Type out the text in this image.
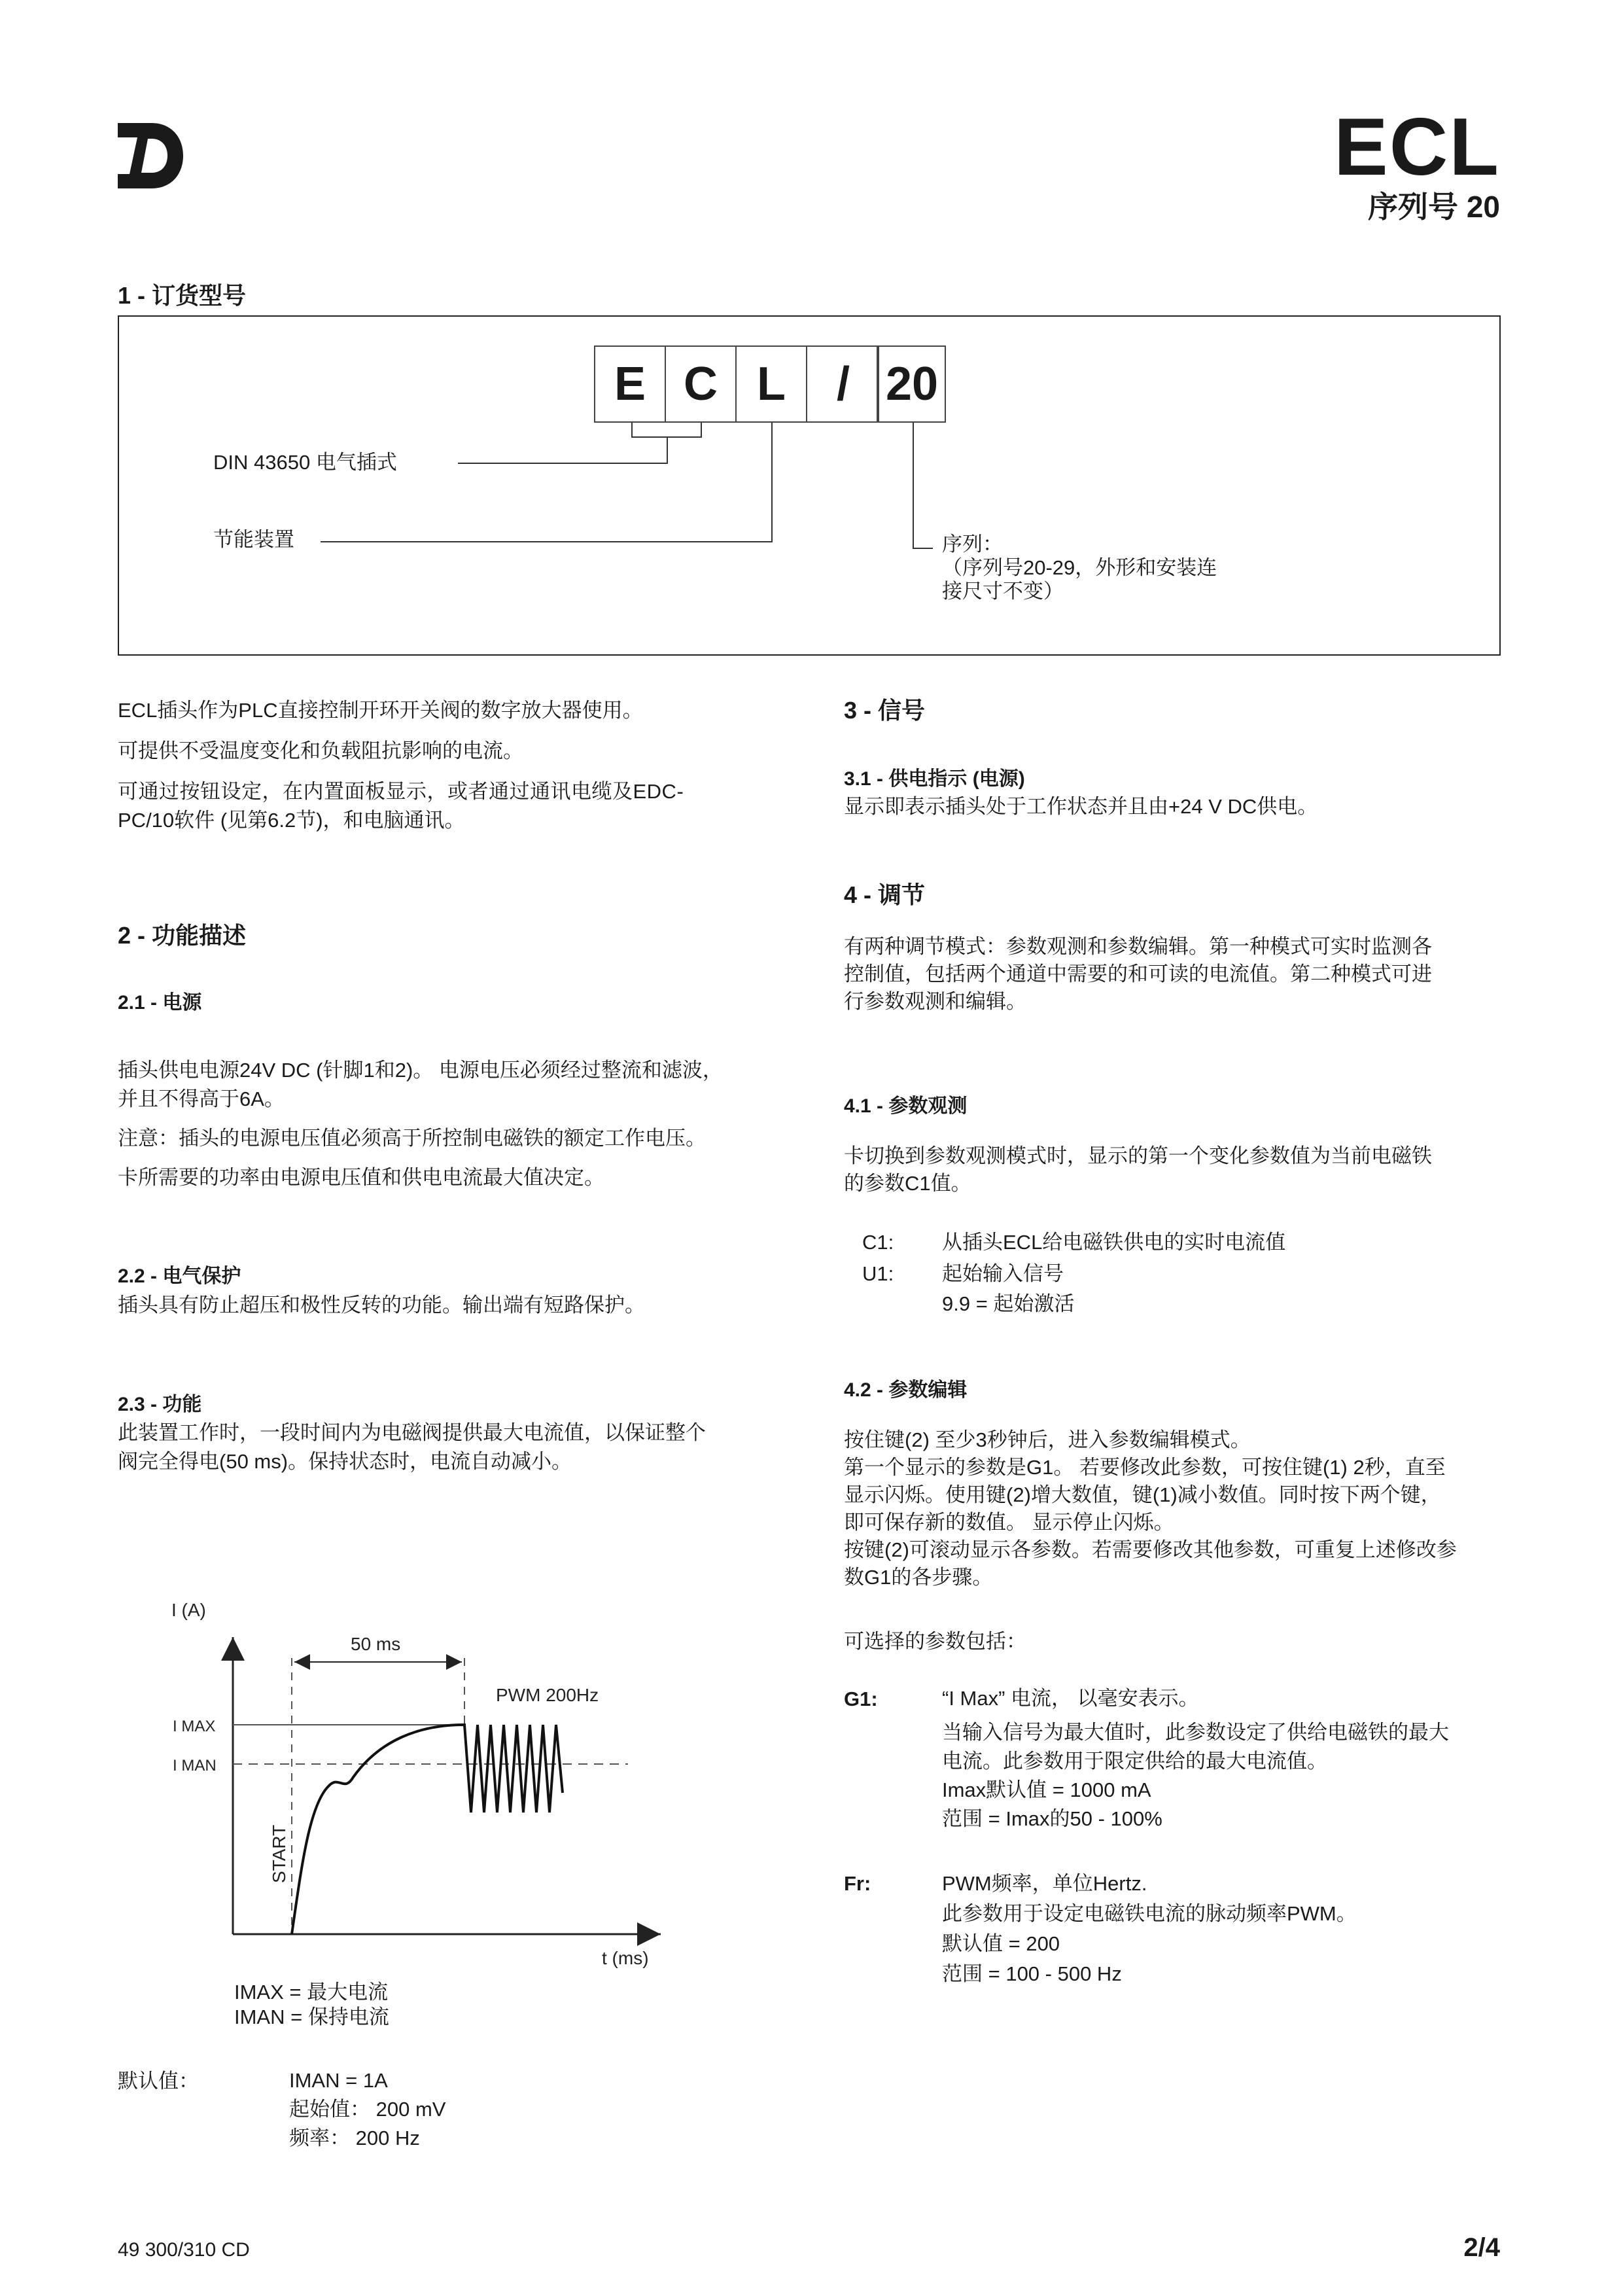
ECL
序列号 20
1 - 订货型号
E C L	/ 20
DIN 43650 电气插式
节能装置	序列：

（序列号20-29，外形和安装连

接尺寸不变）

ECL插头作为PLC直接控制开环开关阀的数字放大器使用。

可提供不受温度变化和负载阻抗影响的电流。

可通过按钮设定，在内置面板显示，或者通过通讯电缆及EDC-

PC/10软件 (见第6.2节)，和电脑通讯。

2 - 功能描述
2.1 - 电源

插头供电电源24V DC (针脚1和2)。 电源电压必须经过整流和滤波，

并且不得高于6A。

注意：插头的电源电压值必须高于所控制电磁铁的额定工作电压。

卡所需要的功率由电源电压值和供电电流最大值决定。

2.2 - 电气保护

插头具有防止超压和极性反转的功能。输出端有短路保护。

2.3 - 功能

此装置工作时，一段时间内为电磁阀提供最大电流值，以保证整个

阀完全得电(50 ms)。保持状态时，电流自动减小。

I (A)
50 ms
PWM 200Hz
I MAX
I MAN
START
t (ms)

IMAX = 最大电流

IMAN = 保持电流

默认值：	IMAN = 1A

起始值： 200 mV

频率： 200 Hz

3 - 信号
3.1 - 供电指示 (电源)

显示即表示插头处于工作状态并且由+24 V DC供电。

4 - 调节

有两种调节模式：参数观测和参数编辑。第一种模式可实时监测各

控制值，包括两个通道中需要的和可读的电流值。第二种模式可进

行参数观测和编辑。

4.1 - 参数观测

卡切换到参数观测模式时，显示的第一个变化参数值为当前电磁铁

的参数C1值。

C1: 从插头ECL给电磁铁供电的实时电流值
U1: 起始输入信号

9.9 = 起始激活

4.2 - 参数编辑

按住键(2) 至少3秒钟后，进入参数编辑模式。

第一个显示的参数是G1。 若要修改此参数，可按住键(1) 2秒，直至

显示闪烁。使用键(2)增大数值，键(1)减小数值。同时按下两个键，

即可保存新的数值。 显示停止闪烁。

按键(2)可滚动显示各参数。若需要修改其他参数，可重复上述修改参

数G1的各步骤。

可选择的参数包括：
G1:	“I Max” 电流， 以毫安表示。

当输入信号为最大值时，此参数设定了供给电磁铁的最大

电流。此参数用于限定供给的最大电流值。

Imax默认值 = 1000 mA

范围 = Imax的50 - 100%

Fr:	PWM频率，单位Hertz.

此参数用于设定电磁铁电流的脉动频率PWM。

默认值 = 200

范围 = 100 - 500 Hz

49 300/310 CD	2/4
